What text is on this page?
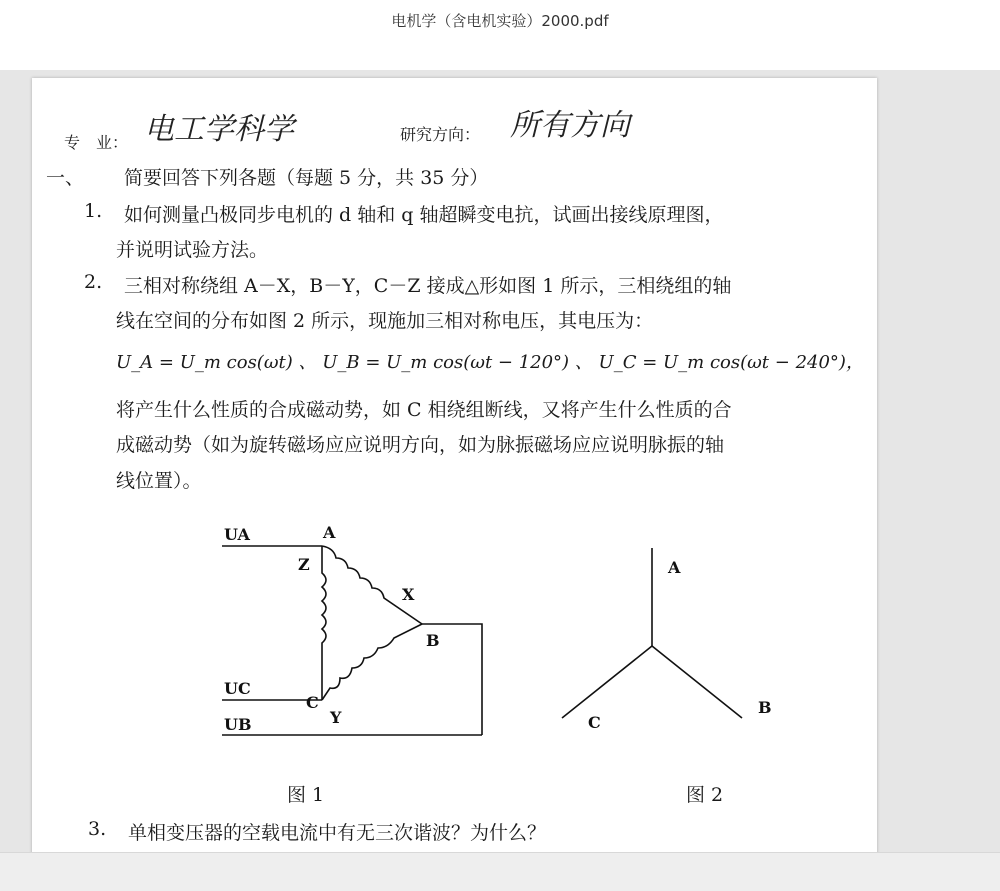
电机学（含电机实验）2000.pdf
专　业： 电工学科学	研究方向： 所有方向
一、 简要回答下列各题（每题 5 分，共 35 分）
1. 如何测量凸极同步电机的 d 轴和 q 轴超瞬变电抗，试画出接线原理图，
并说明试验方法。
2. 三相对称绕组 A－X，B－Y，C－Z 接成△形如图 1 所示，三相绕组的轴
线在空间的分布如图 2 所示，现施加三相对称电压，其电压为：
U_A = U_m cos(ωt) 、 U_B = U_m cos(ωt − 120°) 、 U_C = U_m cos(ωt − 240°)，
将产生什么性质的合成磁动势，如 C 相绕组断线，又将产生什么性质的合
成磁动势（如为旋转磁场应应说明方向，如为脉振磁场应应说明脉振的轴
线位置）。
UA
UC
UB
A
Z
X
B
C
Y
图 1
A
B
C
图 2
3. 单相变压器的空载电流中有无三次谐波？为什么？
